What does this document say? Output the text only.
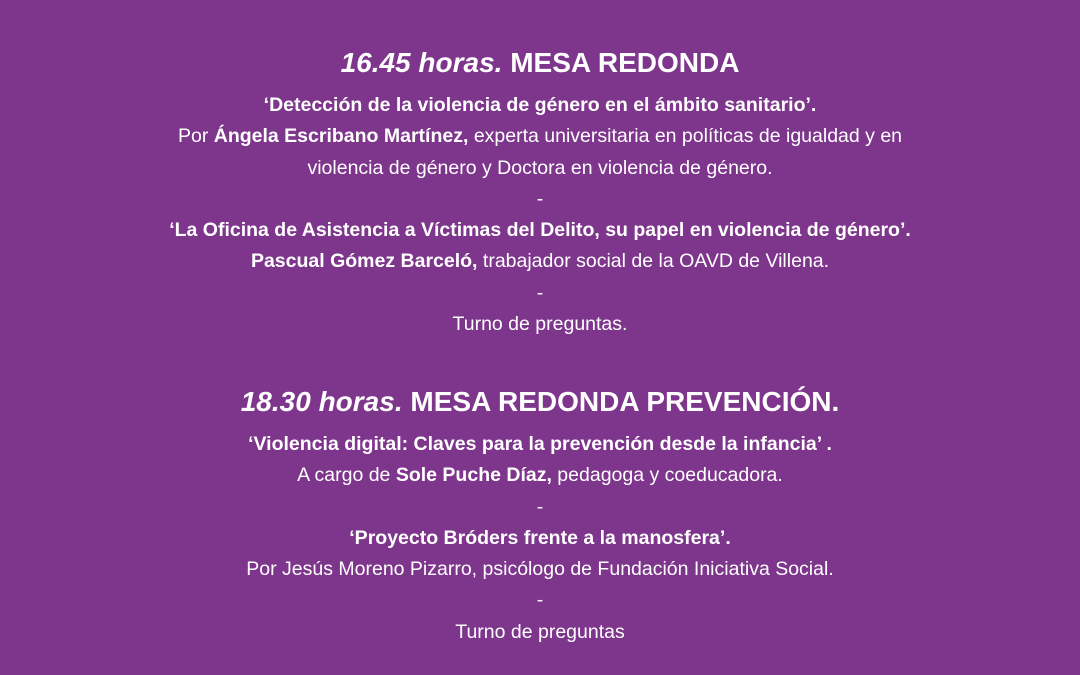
16.45 horas. MESA REDONDA

‘Detección de la violencia de género en el ámbito sanitario’.

Por Ángela Escribano Martínez, experta universitaria en políticas de igualdad y en

violencia de género y Doctora en violencia de género.

-

‘La Oficina de Asistencia a Víctimas del Delito, su papel en violencia de género’.

Pascual Gómez Barceló, trabajador social de la OAVD de Villena.

-

Turno de preguntas.

18.30 horas. MESA REDONDA PREVENCIÓN.

‘Violencia digital: Claves para la prevención desde la infancia’ .

A cargo de Sole Puche Díaz, pedagoga y coeducadora.

-

‘Proyecto Bróders frente a la manosfera’.

Por Jesús Moreno Pizarro, psicólogo de Fundación Iniciativa Social.

-

Turno de preguntas
